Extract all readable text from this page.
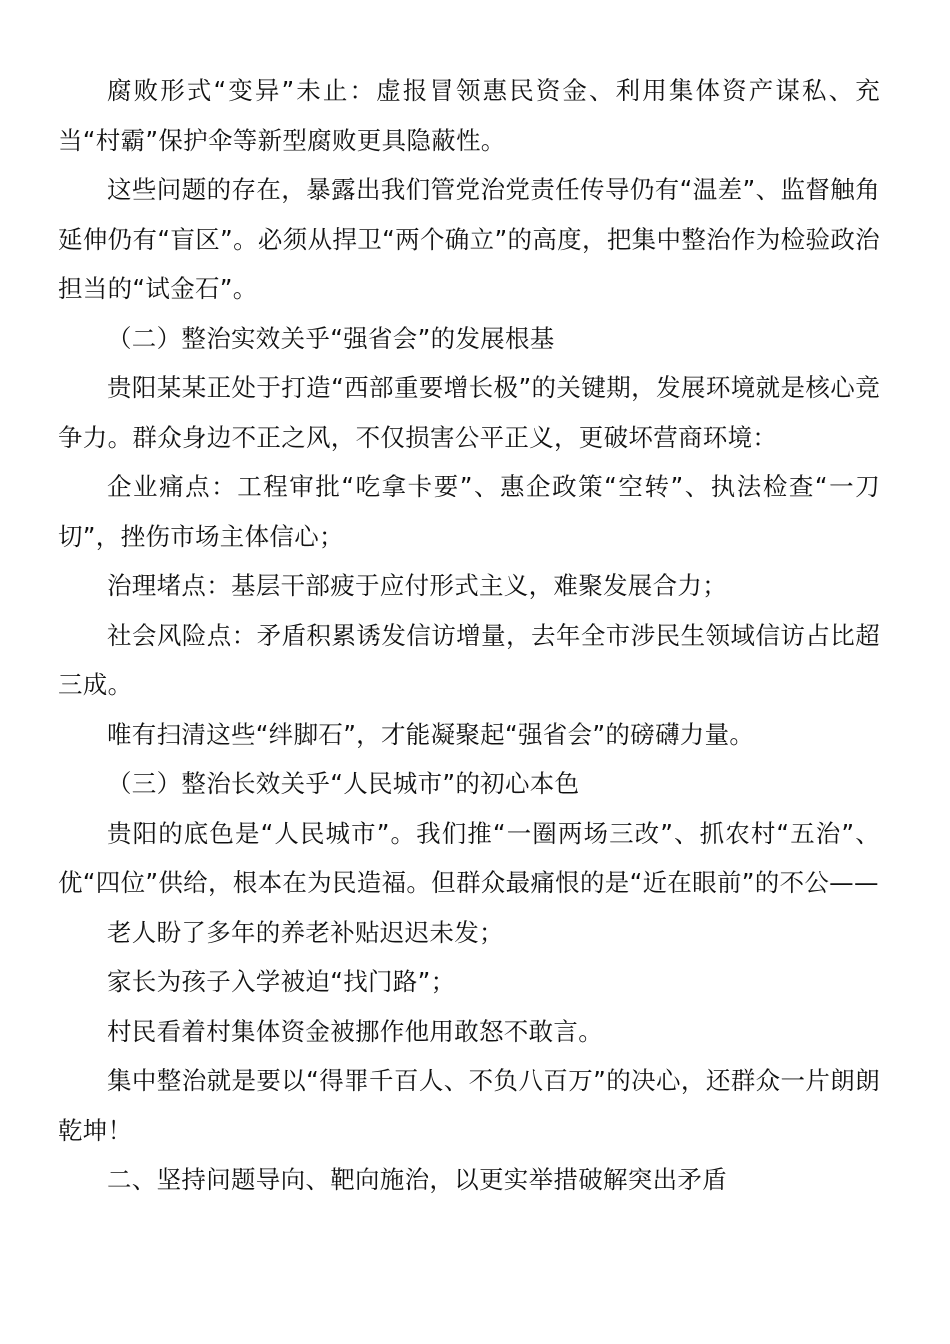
腐败形式“变异”未止：虚报冒领惠民资金、利用集体资产谋私、充当“村霸”保护伞等新型腐败更具隐蔽性。

这些问题的存在，暴露出我们管党治党责任传导仍有“温差”、监督触角延伸仍有“盲区”。必须从捍卫“两个确立”的高度，把集中整治作为检验政治担当的“试金石”。

（二）整治实效关乎“强省会”的发展根基

贵阳某某正处于打造“西部重要增长极”的关键期，发展环境就是核心竞争力。群众身边不正之风，不仅损害公平正义，更破坏营商环境：

企业痛点：工程审批“吃拿卡要”、惠企政策“空转”、执法检查“一刀切”，挫伤市场主体信心；

治理堵点：基层干部疲于应付形式主义，难聚发展合力；

社会风险点：矛盾积累诱发信访增量，去年全市涉民生领域信访占比超三成。

唯有扫清这些“绊脚石”，才能凝聚起“强省会”的磅礴力量。

（三）整治长效关乎“人民城市”的初心本色

贵阳的底色是“人民城市”。我们推“一圈两场三改”、抓农村“五治”、优“四位”供给，根本在为民造福。但群众最痛恨的是“近在眼前”的不公——

老人盼了多年的养老补贴迟迟未发；

家长为孩子入学被迫“找门路”；

村民看着村集体资金被挪作他用敢怒不敢言。

集中整治就是要以“得罪千百人、不负八百万”的决心，还群众一片朗朗乾坤！

二、坚持问题导向、靶向施治，以更实举措破解突出矛盾
